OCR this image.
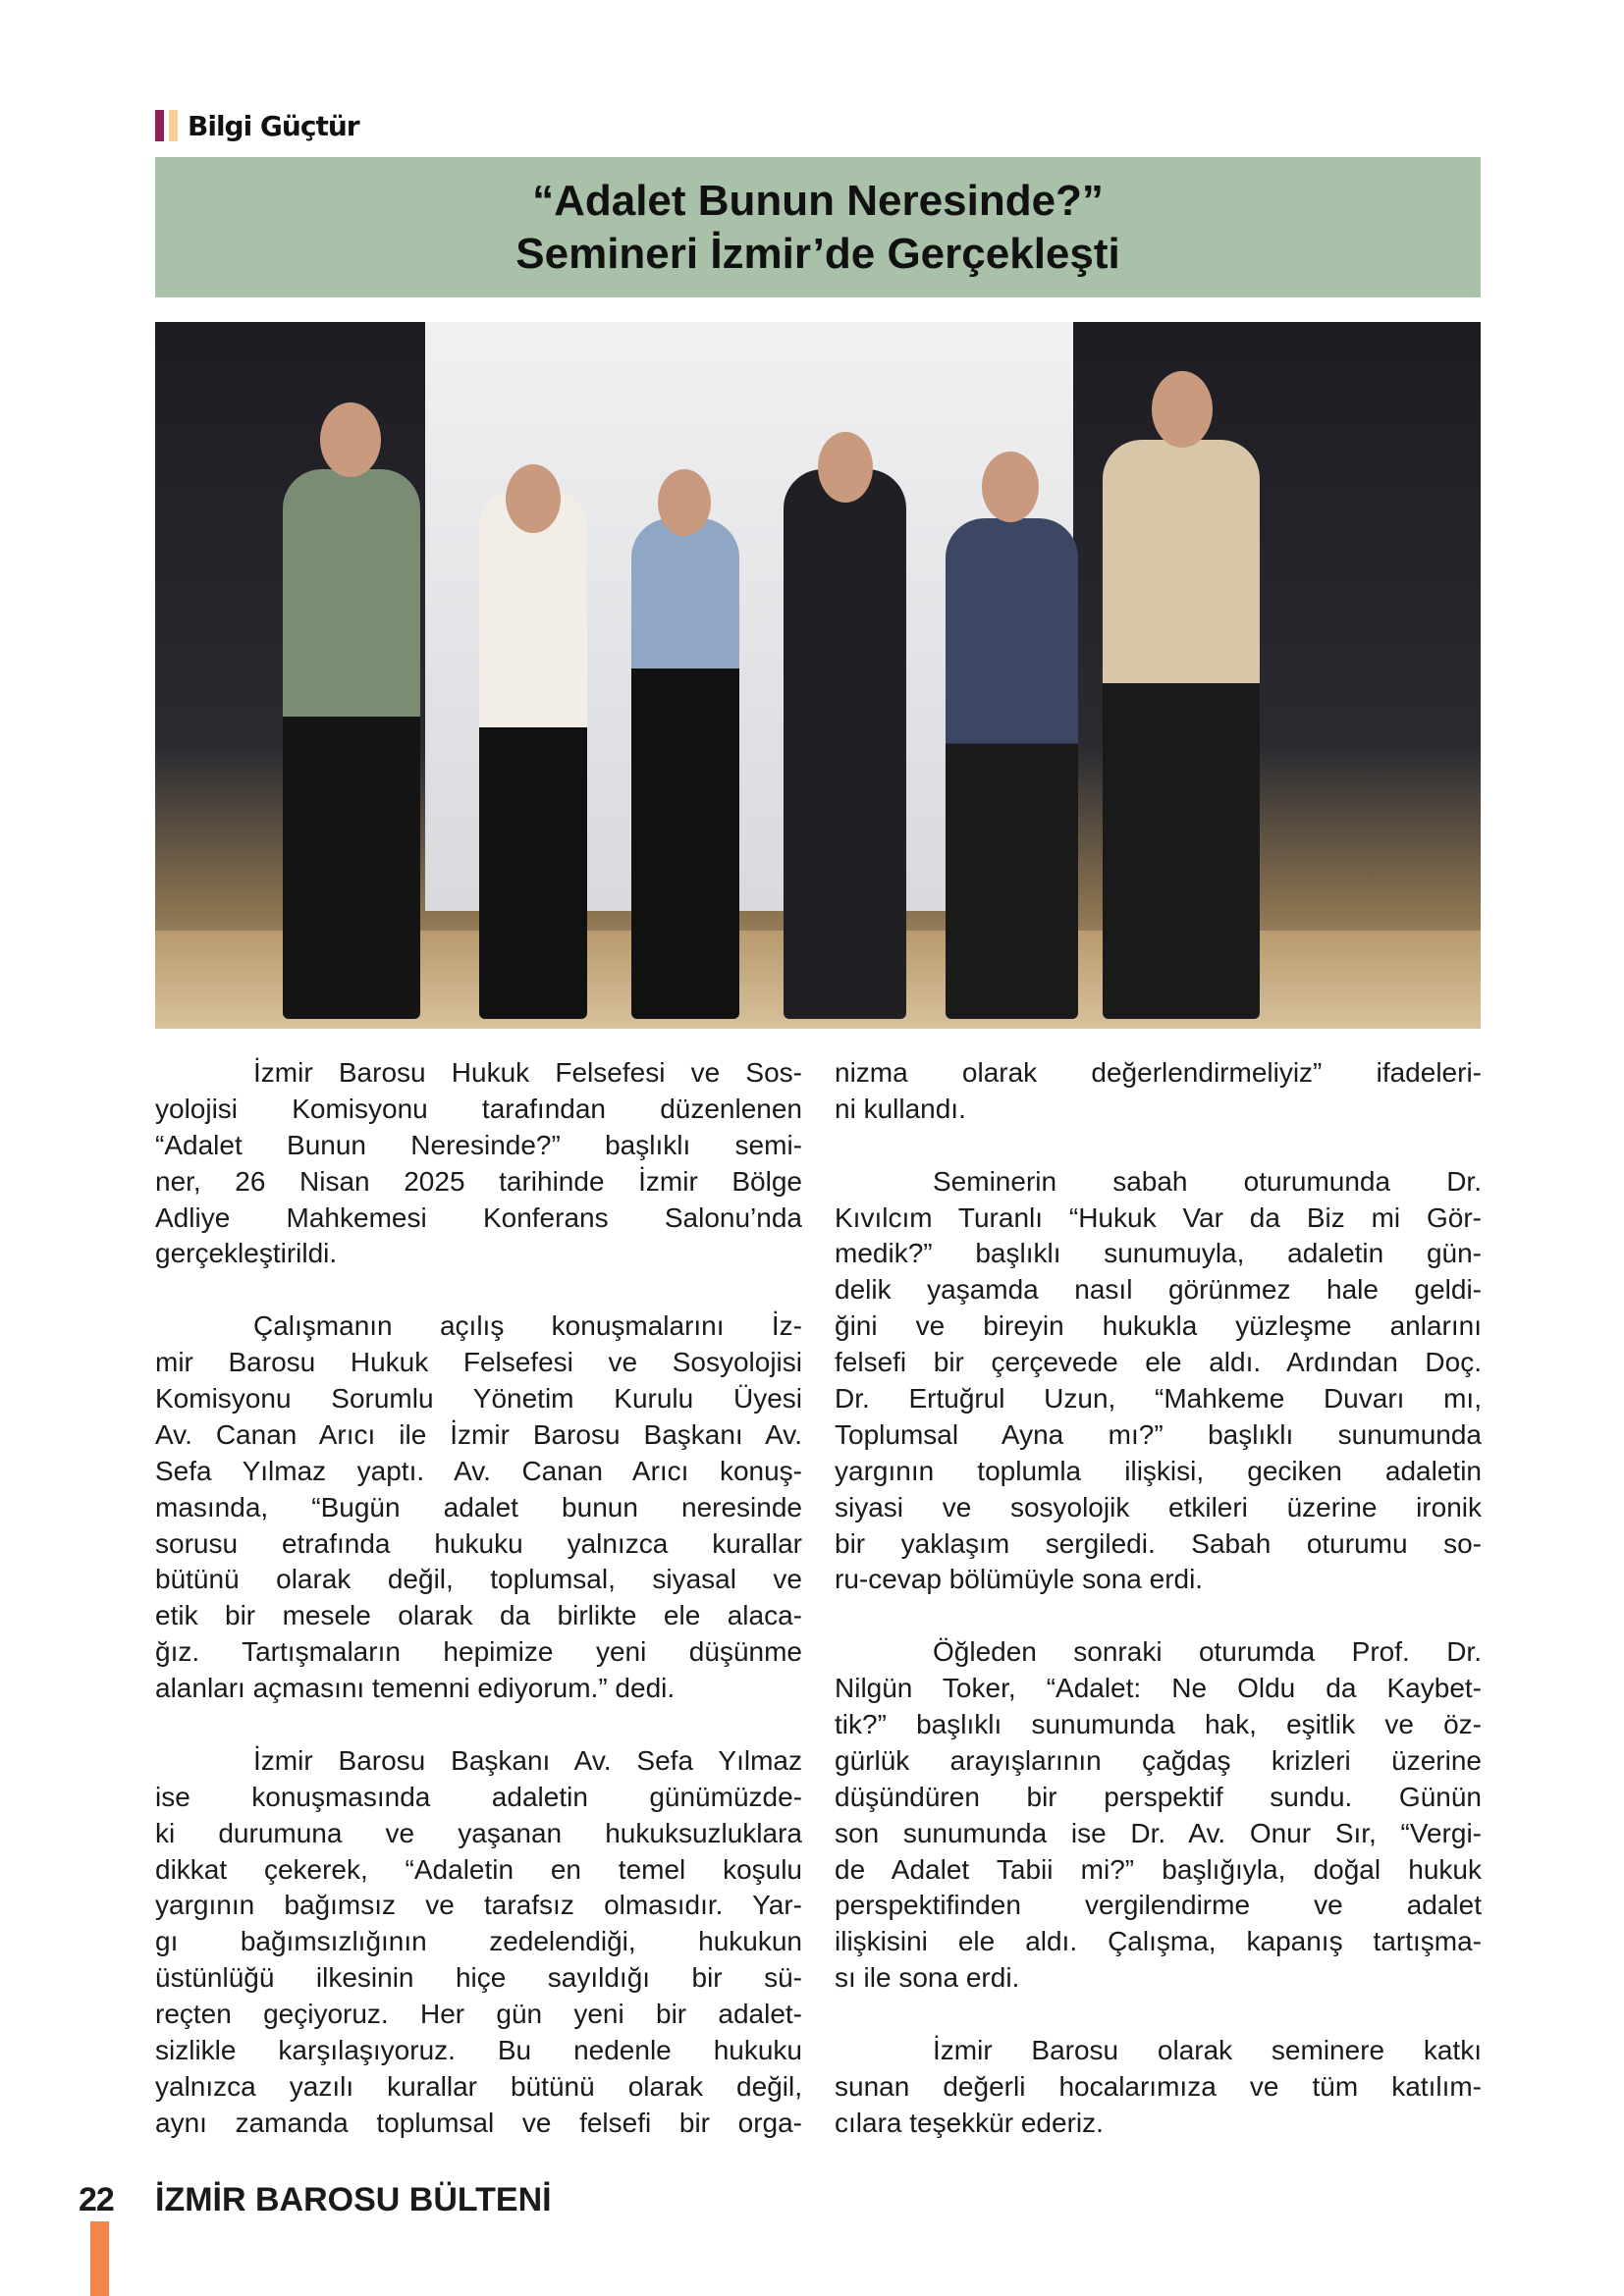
Bilgi Güçtür
“Adalet Bunun Neresinde?”
Semineri İzmir’de Gerçekleşti
İzmir Barosu Hukuk Felsefesi ve Sos-
yolojisi Komisyonu tarafından düzenlenen
“Adalet Bunun Neresinde?” başlıklı semi-
ner, 26 Nisan 2025 tarihinde İzmir Bölge
Adliye Mahkemesi Konferans Salonu’nda
gerçekleştirildi.
Çalışmanın açılış konuşmalarını İz-
mir Barosu Hukuk Felsefesi ve Sosyolojisi
Komisyonu Sorumlu Yönetim Kurulu Üyesi
Av. Canan Arıcı ile İzmir Barosu Başkanı Av.
Sefa Yılmaz yaptı. Av. Canan Arıcı konuş-
masında, “Bugün adalet bunun neresinde
sorusu etrafında hukuku yalnızca kurallar
bütünü olarak değil, toplumsal, siyasal ve
etik bir mesele olarak da birlikte ele alaca-
ğız. Tartışmaların hepimize yeni düşünme
alanları açmasını temenni ediyorum.” dedi.
İzmir Barosu Başkanı Av. Sefa Yılmaz
ise konuşmasında adaletin günümüzde-
ki durumuna ve yaşanan hukuksuzluklara
dikkat çekerek, “Adaletin en temel koşulu
yargının bağımsız ve tarafsız olmasıdır. Yar-
gı bağımsızlığının zedelendiği, hukukun
üstünlüğü ilkesinin hiçe sayıldığı bir sü-
reçten geçiyoruz. Her gün yeni bir adalet-
sizlikle karşılaşıyoruz. Bu nedenle hukuku
yalnızca yazılı kurallar bütünü olarak değil,
aynı zamanda toplumsal ve felsefi bir orga-
nizma olarak değerlendirmeliyiz” ifadeleri-
ni kullandı.
Seminerin sabah oturumunda Dr.
Kıvılcım Turanlı “Hukuk Var da Biz mi Gör-
medik?” başlıklı sunumuyla, adaletin gün-
delik yaşamda nasıl görünmez hale geldi-
ğini ve bireyin hukukla yüzleşme anlarını
felsefi bir çerçevede ele aldı. Ardından Doç.
Dr. Ertuğrul Uzun, “Mahkeme Duvarı mı,
Toplumsal Ayna mı?” başlıklı sunumunda
yargının toplumla ilişkisi, geciken adaletin
siyasi ve sosyolojik etkileri üzerine ironik
bir yaklaşım sergiledi. Sabah oturumu so-
ru-cevap bölümüyle sona erdi.
Öğleden sonraki oturumda Prof. Dr.
Nilgün Toker, “Adalet: Ne Oldu da Kaybet-
tik?” başlıklı sunumunda hak, eşitlik ve öz-
gürlük arayışlarının çağdaş krizleri üzerine
düşündüren bir perspektif sundu. Günün
son sunumunda ise Dr. Av. Onur Sır, “Vergi-
de Adalet Tabii mi?” başlığıyla, doğal hukuk
perspektifinden vergilendirme ve adalet
ilişkisini ele aldı. Çalışma, kapanış tartışma-
sı ile sona erdi.
İzmir Barosu olarak seminere katkı
sunan değerli hocalarımıza ve tüm katılım-
cılara teşekkür ederiz.
22 İZMİR BAROSU BÜLTENİ
